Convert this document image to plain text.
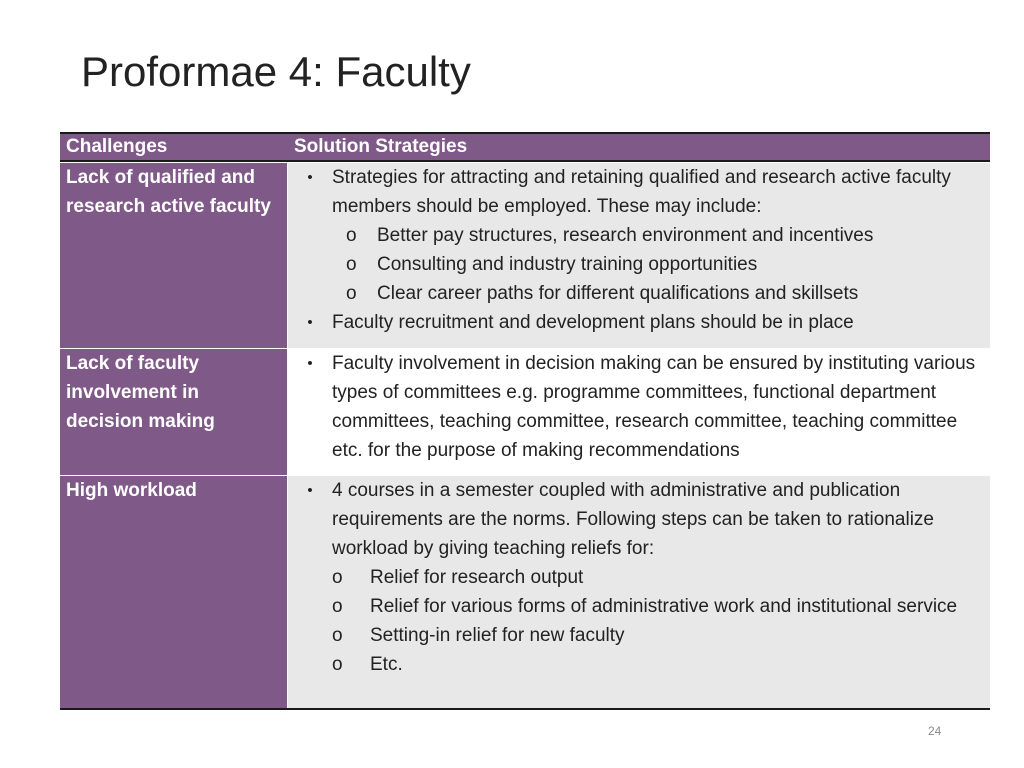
Proformae 4: Faculty
Challenges	Solution Strategies
Lack of qualified and research active faculty
• Strategies for attracting and retaining qualified and research active faculty members should be employed. These may include:
o Better pay structures, research environment and incentives
o Consulting and industry training opportunities
o Clear career paths for different qualifications and skillsets
• Faculty recruitment and development plans should be in place
Lack of faculty involvement in decision making
• Faculty involvement in decision making can be ensured by instituting various types of committees e.g. programme committees, functional department committees, teaching committee, research committee, teaching committee etc. for the purpose of making recommendations
High workload	• 4 courses in a semester coupled with administrative and publication requirements are the norms. Following steps can be taken to rationalize workload by giving teaching reliefs for:
o Relief for research output
o Relief for various forms of administrative work and institutional service
o Setting-in relief for new faculty
o Etc.
24
